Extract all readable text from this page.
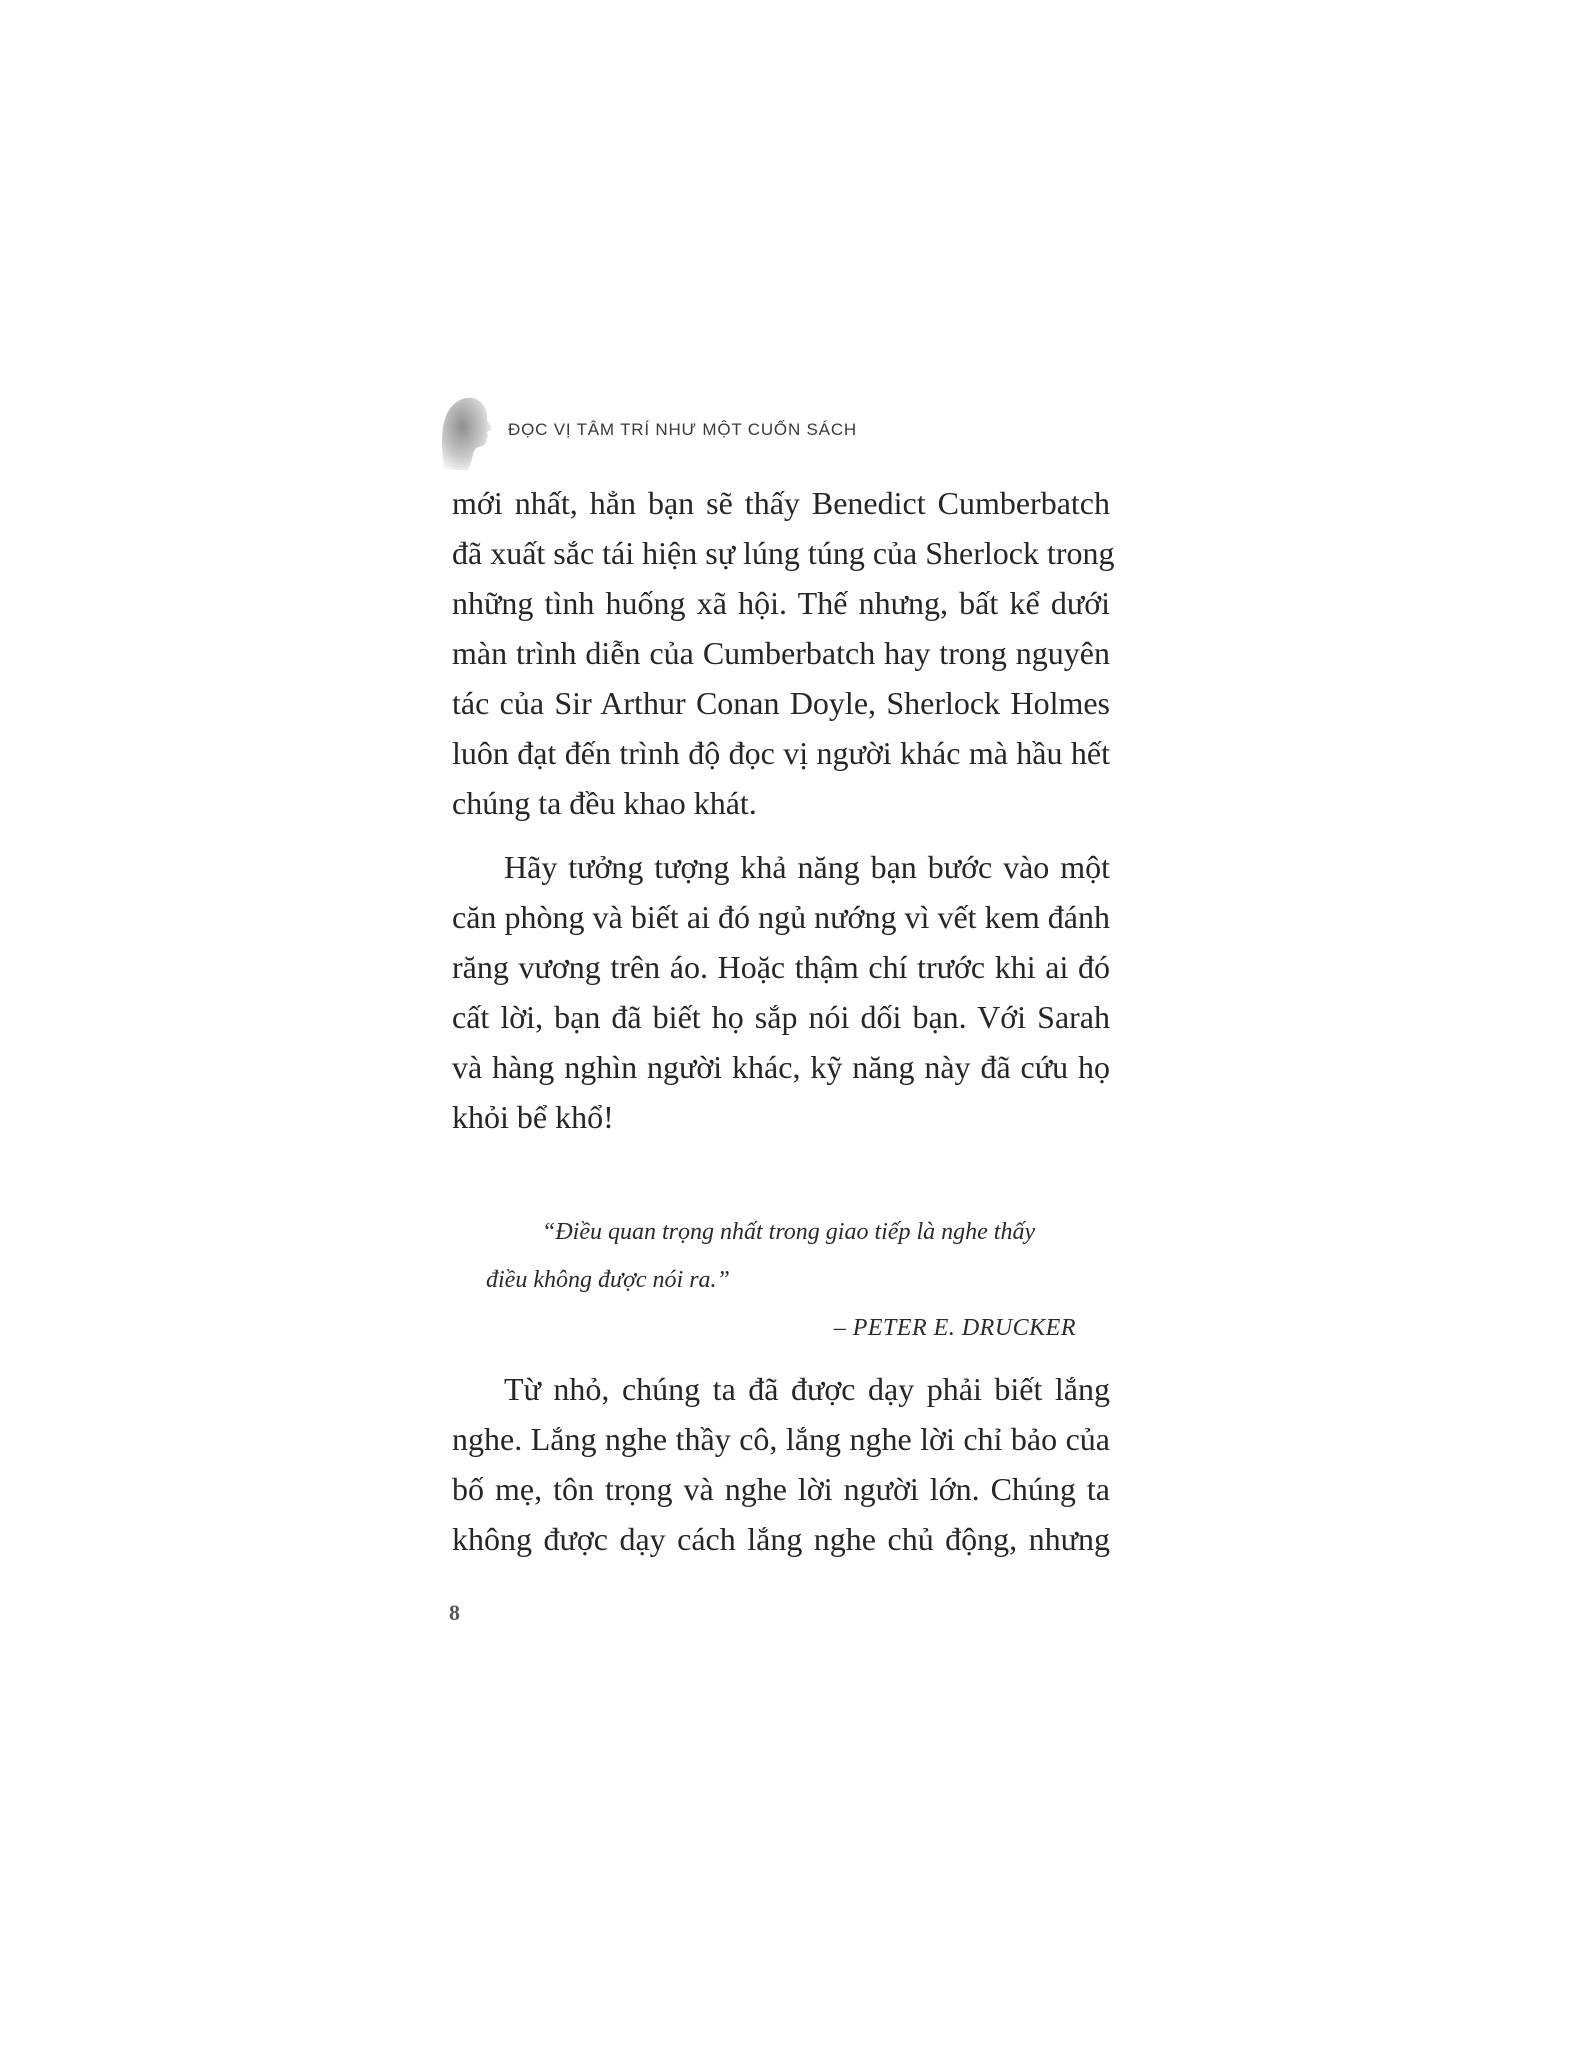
ĐỌC VỊ TÂM TRÍ NHƯ MỘT CUỐN SÁCH
mới nhất, hẳn bạn sẽ thấy Benedict Cumberbatch
đã xuất sắc tái hiện sự lúng túng của Sherlock trong
những tình huống xã hội. Thế nhưng, bất kể dưới
màn trình diễn của Cumberbatch hay trong nguyên
tác của Sir Arthur Conan Doyle, Sherlock Holmes
luôn đạt đến trình độ đọc vị người khác mà hầu hết
chúng ta đều khao khát.
Hãy tưởng tượng khả năng bạn bước vào một
căn phòng và biết ai đó ngủ nướng vì vết kem đánh
răng vương trên áo. Hoặc thậm chí trước khi ai đó
cất lời, bạn đã biết họ sắp nói dối bạn. Với Sarah
và hàng nghìn người khác, kỹ năng này đã cứu họ
khỏi bể khổ!
“Điều quan trọng nhất trong giao tiếp là nghe thấy
điều không được nói ra.”
– PETER E. DRUCKER
Từ nhỏ, chúng ta đã được dạy phải biết lắng
nghe. Lắng nghe thầy cô, lắng nghe lời chỉ bảo của
bố mẹ, tôn trọng và nghe lời người lớn. Chúng ta
không được dạy cách lắng nghe chủ động, nhưng
8
